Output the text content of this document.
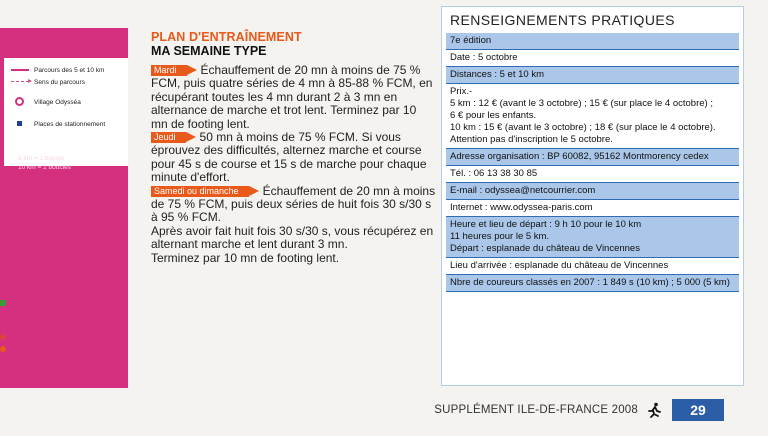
Parcours des 5 et 10 km
Sens du parcours
Village Odysséa
Places de stationnement
5 km = 1 boucle
10 km = 2 boucles
PLAN D'ENTRAÎNEMENT
MA SEMAINE TYPE

Mardi Échauffement de 20 mn à moins de 75 % FCM, puis quatre séries de 4 mn à 85-88 % FCM, en récupérant toutes les 4 mn durant 2 à 3 mn en alternance de marche et trot lent. Terminez par 10 mn de footing lent.

Jeudi 50 mn à moins de 75 % FCM. Si vous éprouvez des difficultés, alternez marche et course pour 45 s de course et 15 s de marche pour chaque minute d'effort.

Samedi ou dimanche Échauffement de 20 mn à moins de 75 % FCM, puis deux séries de huit fois 30 s/30 s à 95 % FCM.

Après avoir fait huit fois 30 s/30 s, vous récupérez en alternant marche et lent durant 3 mn.

Terminez par 10 mn de footing lent.

RENSEIGNEMENTS PRATIQUES
7e édition
Date : 5 octobre
Distances : 5 et 10 km
Prix.-
5 km : 12 € (avant le 3 octobre) ; 15 € (sur place le 4 octobre) ;
6 € pour les enfants.
10 km : 15 € (avant le 3 octobre) ; 18 € (sur place le 4 octobre).
Attention pas d'inscription le 5 octobre.
Adresse organisation : BP 60082, 95162 Montmorency cedex
Tél. : 06 13 38 30 85
E-mail : odyssea@netcourrier.com
Internet : www.odyssea-paris.com
Heure et lieu de départ : 9 h 10 pour le 10 km
11 heures pour le 5 km.
Départ : esplanade du château de Vincennes
Lieu d'arrivée : esplanade du château de Vincennes
Nbre de coureurs classés en 2007 : 1 849 s (10 km) ; 5 000 (5 km)
SUPPLÉMENT ILE-DE-FRANCE 2008	29
